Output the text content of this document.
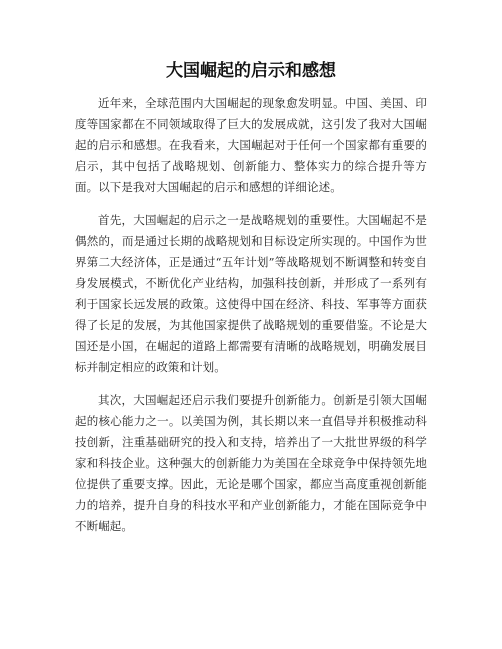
大国崛起的启示和感想

近年来，全球范围内大国崛起的现象愈发明显。中国、美国、印度等国家都在不同领域取得了巨大的发展成就，这引发了我对大国崛起的启示和感想。在我看来，大国崛起对于任何一个国家都有重要的启示，其中包括了战略规划、创新能力、整体实力的综合提升等方面。以下是我对大国崛起的启示和感想的详细论述。

首先，大国崛起的启示之一是战略规划的重要性。大国崛起不是偶然的，而是通过长期的战略规划和目标设定所实现的。中国作为世界第二大经济体，正是通过“五年计划”等战略规划不断调整和转变自身发展模式，不断优化产业结构，加强科技创新，并形成了一系列有利于国家长远发展的政策。这使得中国在经济、科技、军事等方面获得了长足的发展，为其他国家提供了战略规划的重要借鉴。不论是大国还是小国，在崛起的道路上都需要有清晰的战略规划，明确发展目标并制定相应的政策和计划。

其次，大国崛起还启示我们要提升创新能力。创新是引领大国崛起的核心能力之一。以美国为例，其长期以来一直倡导并积极推动科技创新，注重基础研究的投入和支持，培养出了一大批世界级的科学家和科技企业。这种强大的创新能力为美国在全球竞争中保持领先地位提供了重要支撑。因此，无论是哪个国家，都应当高度重视创新能力的培养，提升自身的科技水平和产业创新能力，才能在国际竞争中不断崛起。
